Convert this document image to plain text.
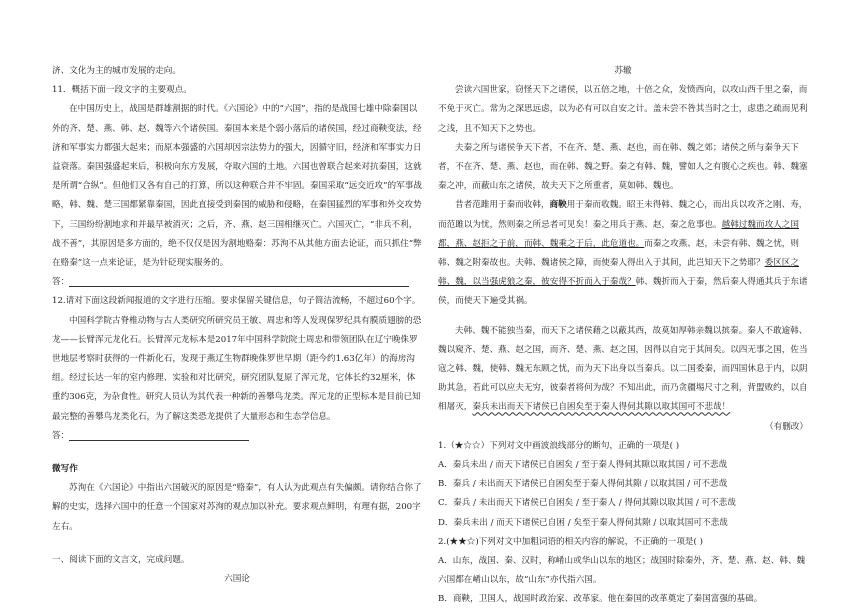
济、文化为主的城市发展的走向。

11．概括下面一段文字的主要观点。

在中国历史上，战国是群雄割据的时代。《六国论》中的“六国”，指的是战国七雄中除秦国以外的齐、楚、燕、韩、赵、魏等六个诸侯国。秦国本来是个弱小落后的诸侯国，经过商鞅变法，经济和军事实力都强大起来；而原本强盛的六国却因宗法势力的强大，因循守旧，经济和军事实力日益衰落。秦国强盛起来后，积极向东方发展，夺取六国的土地。六国也曾联合起来对抗秦国，这就是所谓“合纵”。但他们又各有自己的打算，所以这种联合并不牢固。秦国采取“远交近攻”的军事战略，韩、魏、楚三国都紧靠秦国，因此直接受到秦国的威胁和侵略，在秦国猛烈的军事和外交攻势下，三国纷纷割地求和并最早被消灭；之后，齐、燕、赵三国相继灭亡。六国灭亡，“非兵不利，战不善”，其原因是多方面的，绝不仅仅是因为割地赂秦：苏洵不从其他方面去论证，而只抓住“弊在赂秦”这一点来论证，是为针砭现实服务的。

答：

12.请对下面这段新闻报道的文字进行压缩。要求保留关键信息，句子简洁流畅，不超过60个字。

中国科学院古脊椎动物与古人类研究所研究员王敏、周忠和等人发现保罗纪具有膜质翅膀的恐龙——长臂浑元龙化石。长臂浑元龙标本是2017年中国科学院院士周忠和带领团队在辽宁晚侏罗世地层考察时获得的一件新化石，发现于燕辽生物群晚侏罗世早期（距今约1.63亿年）的海房沟组。经过长达一年的室内修理、实验和对比研究，研究团队复原了浑元龙，它体长约32厘米，体重约306克，为杂食性。研究人员认为其代表一种新的善攀鸟龙类。浑元龙的正型标本是目前已知最完整的善攀鸟龙类化石，为了解这类恐龙提供了大量形态和生态学信息。

答：

微写作

苏洵在《六国论》中指出六国破灭的原因是“赂秦”，有人认为此观点有失偏颇。请你结合你了解的史实，选择六国中的任意一个国家对苏洵的观点加以补充。要求观点鲜明，有理有据，200字左右。

一、阅读下面的文言文，完成问题。

六国论

苏辙

尝读六国世家，窃怪天下之诸侯，以五倍之地，十倍之众，发愤西向，以攻山西千里之秦，而不免于灭亡。常为之深思远虑，以为必有可以自安之计。盖未尝不咎其当时之士，虑患之疏而见利之浅，且不知天下之势也。

夫秦之所与诸侯争天下者，不在齐、楚、燕、赵也，而在韩、魏之郊；诸侯之所与秦争天下者，不在齐、楚、燕、赵也，而在韩、魏之野。秦之有韩、魏，譬如人之有腹心之疾也。韩、魏塞秦之冲，而蔽山东之诸侯，故夫天下之所重者，莫如韩、魏也。

昔者范雎用于秦而收韩，商鞅用于秦而收魏。昭王未得韩、魏之心，而出兵以攻齐之刚、寿，而范雎以为忧，然则秦之所忌者可见矣！秦之用兵于燕、赵，秦之危事也。越韩过魏而攻人之国都，燕、赵拒之于前，而韩、魏乘之于后，此危道也。而秦之攻燕、赵，未尝有韩、魏之忧，则韩、魏之附秦故也。夫韩、魏诸侯之障，而使秦人得出入于其间，此岂知天下之势耶？委区区之韩、魏，以当强虎狼之秦，彼安得不折而入于秦哉？韩、魏折而入于秦，然后秦人得通其兵于东诸侯，而使天下遍受其祸。

夫韩、魏不能独当秦，而天下之诸侯藉之以蔽其西，故莫如厚韩亲魏以摈秦。秦人不敢逾韩、魏以窥齐、楚、燕、赵之国，而齐、楚、燕、赵之国，因得以自完于其间矣。以四无事之国，佐当寇之韩、魏，使韩、魏无东顾之忧，而为天下出身以当秦兵。以二国委秦，而四国休息于内，以阴助其急，若此可以应夫无穷，彼秦者将何为哉？不知出此，而乃贪疆埸尺寸之利，背盟败约，以自相屠灭，秦兵未出而天下诸侯已自困矣至于秦人得伺其隙以取其国可不悲哉！

（有删改）

1.（★☆☆）下列对文中画波浪线部分的断句，正确的一项是( )

A．秦兵未出 / 而天下诸侯已自困矣 / 至于秦人得伺其隙以取其国 / 可不悲哉

B．秦兵 / 未出而天下诸侯已自困矣至于秦人得伺其隙 / 以取其国 / 可不悲哉

C．秦兵 / 未出而天下诸侯已自困矣 / 至于秦人 / 得伺其隙以取其国 / 可不悲哉

D．秦兵未出 / 而天下诸侯已自困 / 矣至于秦人得伺其隙 / 以取其国可不悲哉

2.(★★☆)下列对文中加粗词语的相关内容的解说，不正确的一项是( )

A．山东，战国、秦、汉时，称崤山或华山以东的地区；战国时除秦外，齐、楚、燕、赵、韩、魏六国都在崤山以东，故“山东”亦代指六国。

B．商鞅，卫国人，战国时政治家、改革家。他在秦国的改革奠定了秦国富强的基础。
